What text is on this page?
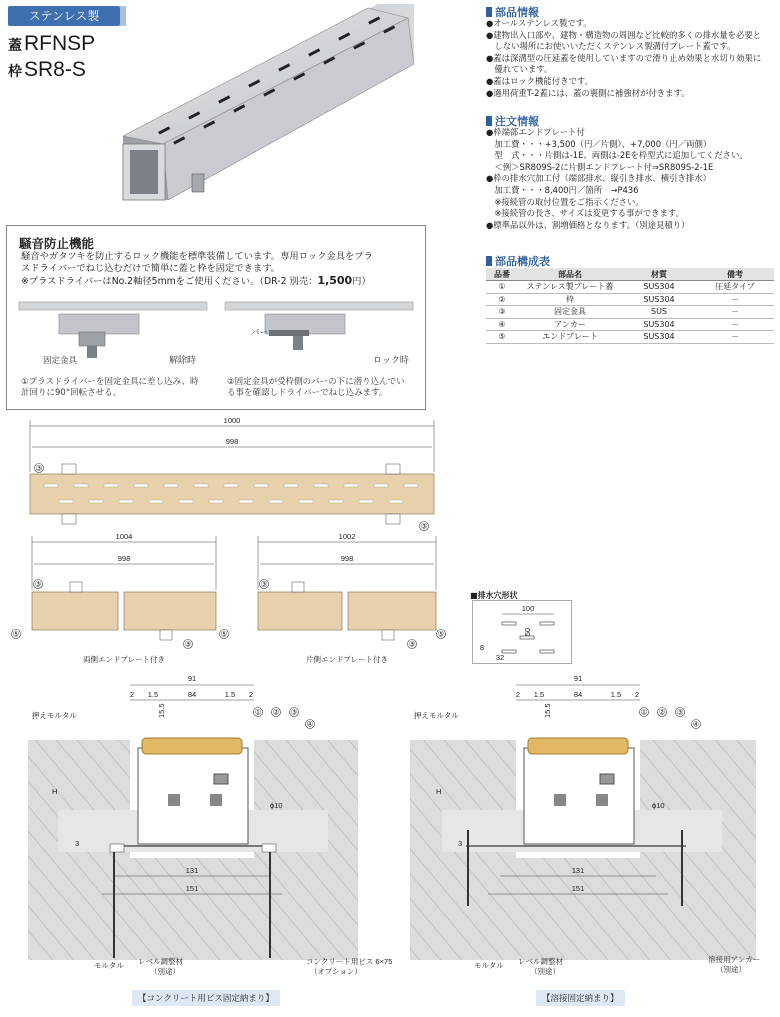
ステンレス製
蓋RFNSP
枠SR8-S
部品情報

●オールステンレス製です。

●建物出入口部や、建物・構造物の周囲など比較的多くの排水量を必要と

　しない場所にお使いいただくステンレス製溝付プレート蓋です。

●蓋は深溝型の圧延蓋を使用していますので滑り止め効果と水切り効果に

　優れています。

●蓋はロック機能付きです。

●適用荷重T-2蓋には、蓋の裏側に補強材が付きます。

注文情報

●枠端部エンドプレート付

　加工費・・・+3,500（円／片側）、+7,000（円／両側）

　型　式・・・片側は-1E、両側は-2Eを枠型式に追加してください。

　＜例＞SR809S-2に片側エンドプレート付⇒SR809S-2-1E

●枠の排水穴加工付（端部排水、縦引き排水、横引き排水）

　加工費・・・8,400円／箇所　→P436

　※接続管の取付位置をご指示ください。

　※接続管の長さ、サイズは変更する事ができます。

●標準品以外は、割増価格となります。（別途見積り）

部品構成表
品番	部品名	材質	備考
①	ステンレス製プレート蓋	SUS304	圧延タイプ
②	枠	SUS304	－
③	固定金具	SUS	－
④	アンカー	SUS304	－
⑤	エンドプレート	SUS304	－
騒音防止機能
騒音やガタツキを防止するロック機能を標準装備しています。専用ロック金具をプラ
スドライバーでねじ込むだけで簡単に蓋と枠を固定できます。
※プラスドライバーはNo.2軸径5mmをご使用ください。（DR-2 別売：1,500円）
固定金具	解除時
バー
ロック時
①プラスドライバーを固定金具に差し込み、時
計回りに90°回転させる。
②固定金具が受枠側のバーの下に潜り込んでい
る事を確認しドライバーでねじ込みます。
1000
998
③
③
1004
998
③
③
⑤	⑤
両側エンドプレート付き
1002
998
③
③
⑤
片側エンドプレート付き
■排水穴形状
100
50
8
32
91
2 1.5	84	1.5 2
15.5
H
ϕ10
3
131
151
① ② ③
④
押えモルタル
モルタル レベル調整材
（別途）
コンクリート用ビス 6×75
（オプション）
【コンクリート用ビス固定納まり】
91
2 1.5	84	1.5 2
15.5
H
ϕ10
3
131
151
① ② ③
④
押えモルタル
モルタル レベル調整材
（別途）
溶接用アンカー
（別途）
【溶接固定納まり】
